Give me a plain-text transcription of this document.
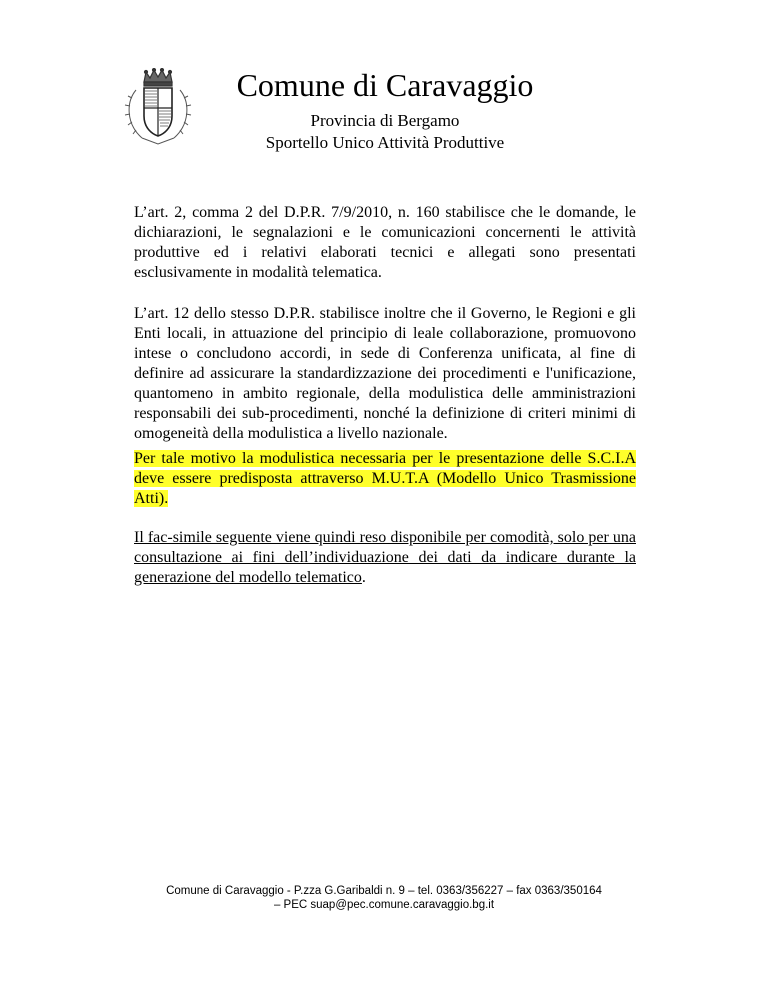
Comune di Caravaggio
Provincia di Bergamo
Sportello Unico Attività Produttive

L’art. 2, comma 2 del D.P.R. 7/9/2010, n. 160 stabilisce che le domande, le dichiarazioni, le segnalazioni e le comunicazioni concernenti le attività produttive ed i relativi elaborati tecnici e allegati sono presentati esclusivamente in modalità telematica.

L’art. 12 dello stesso D.P.R. stabilisce inoltre che il Governo, le Regioni e gli Enti locali, in attuazione del principio di leale collaborazione, promuovono intese o concludono accordi, in sede di Conferenza unificata, al fine di definire ad assicurare la standardizzazione dei procedimenti e l'unificazione, quantomeno in ambito regionale, della modulistica delle amministrazioni responsabili dei sub-procedimenti, nonché la definizione di criteri minimi di omogeneità della modulistica a livello nazionale.

Per tale motivo la modulistica necessaria per le presentazione delle S.C.I.A deve essere predisposta attraverso M.U.T.A (Modello Unico Trasmissione Atti).

Il fac-simile seguente viene quindi reso disponibile per comodità, solo per una consultazione ai fini dell’individuazione dei dati da indicare durante la generazione del modello telematico.

Comune di Caravaggio - P.zza G.Garibaldi n. 9 – tel. 0363/356227 – fax 0363/350164
– PEC suap@pec.comune.caravaggio.bg.it
